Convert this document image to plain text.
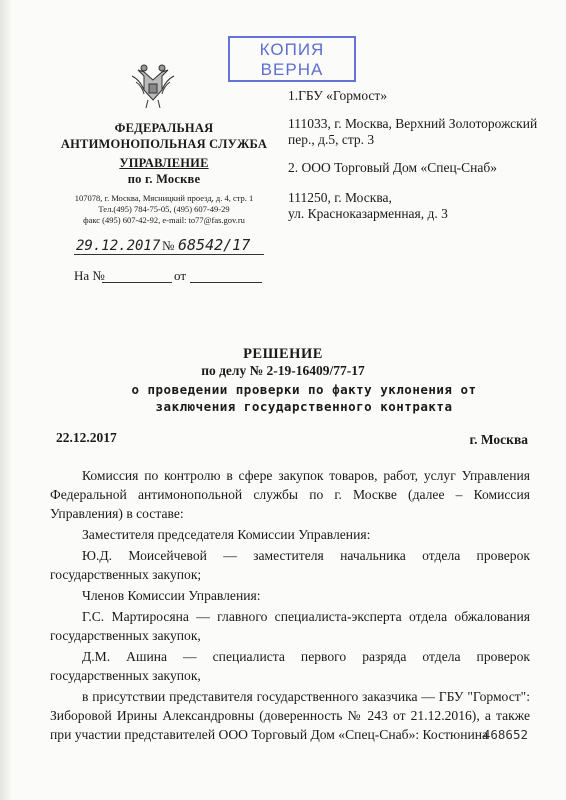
КОПИЯ
ВЕРНА
ФЕДЕРАЛЬНАЯ
АНТИМОНОПОЛЬНАЯ СЛУЖБА
УПРАВЛЕНИЕ
по г. Москве
107078, г. Москва, Мясницкий проезд, д. 4, стр. 1
Тел.(495) 784-75-05, (495) 607-49-29
факс (495) 607-42-92, e-mail: to77@fas.gov.ru
29.12.2017 № 68542/17
На №	от
1.ГБУ «Гормост»
111033, г. Москва, Верхний Золоторожский пер., д.5, стр. 3
2. ООО Торговый Дом «Спец-Снаб»
111250, г. Москва,
ул. Красноказарменная, д. 3
РЕШЕНИЕ
по делу № 2-19-16409/77-17
о проведении проверки по факту уклонения от
заключения государственного контракта
22.12.2017	г. Москва

Комиссия по контролю в сфере закупок товаров, работ, услуг Управления Федеральной антимонопольной службы по г. Москве (далее – Комиссия Управления) в составе:

Заместителя председателя Комиссии Управления:

Ю.Д. Моисейчевой — заместителя начальника отдела проверок государственных закупок;

Членов Комиссии Управления:

Г.С. Мартиросяна — главного специалиста-эксперта отдела обжалования государственных закупок,

Д.М. Ашина — специалиста первого разряда отдела проверок государственных закупок,

в присутствии представителя государственного заказчика — ГБУ "Гормост": Зиборовой Ирины Александровны (доверенность № 243 от 21.12.2016), а также при участии представителей ООО Торговый Дом «Спец-Снаб»: Костюнина

468652
